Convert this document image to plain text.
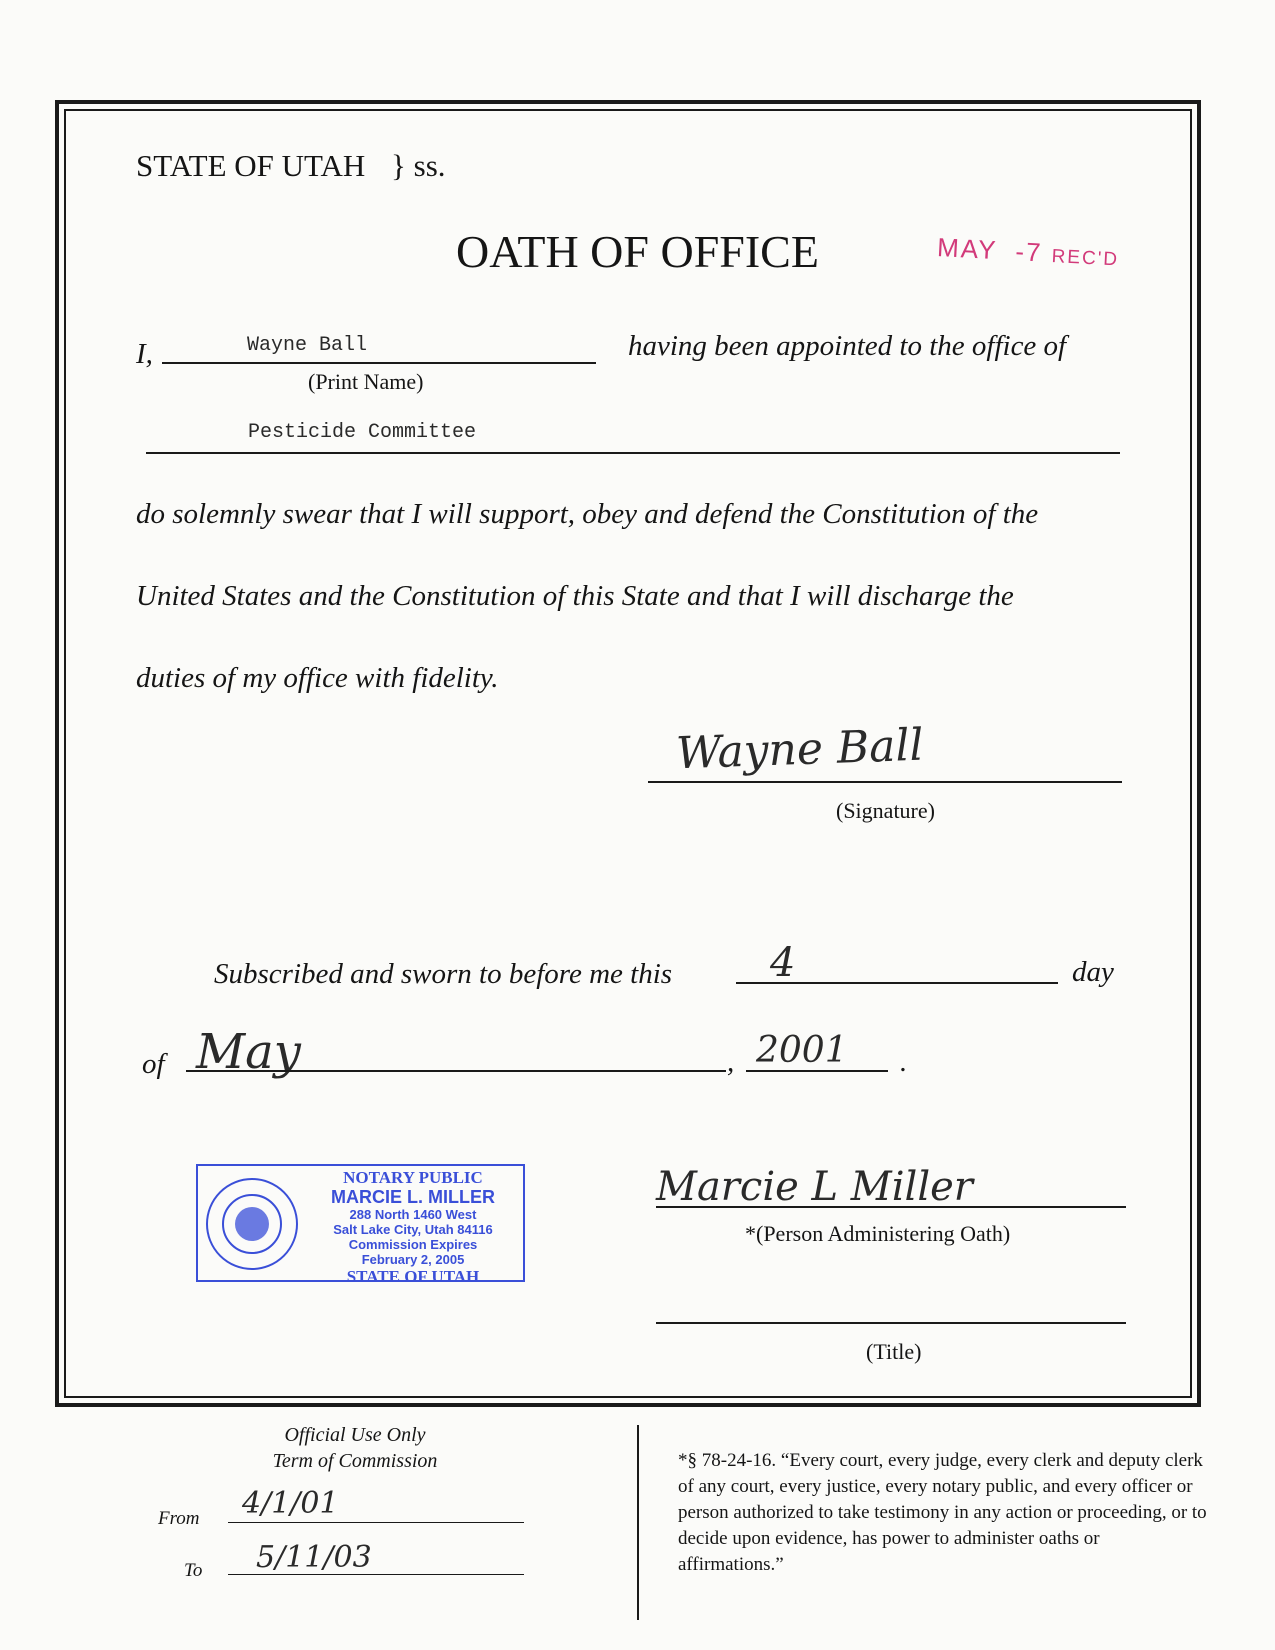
STATE OF UTAH } ss.
OATH OF OFFICE	MAY  -7 REC'D
I,	Wayne Ball
(Print Name)
having been appointed to the office of
Pesticide Committee
do solemnly swear that I will support, obey and defend the Constitution of the
United States and the Constitution of this State and that I will discharge the
duties of my office with fidelity.
Wayne Ball
(Signature)
Subscribed and sworn to before me this 4	day
of May	, 2001 .
NOTARY PUBLIC
MARCIE L. MILLER
288 North 1460 West
Salt Lake City, Utah 84116
Commission Expires
February 2, 2005
STATE OF UTAH
Marcie L Miller
*(Person Administering Oath)
(Title)
Official Use Only
Term of Commission
From 4/1/01
To 5/11/03
*§ 78-24-16. “Every court, every judge, every clerk and deputy clerk of any court, every justice, every notary public, and every officer or person authorized to take testimony in any action or proceeding, or to decide upon evidence, has power to administer oaths or affirmations.”
